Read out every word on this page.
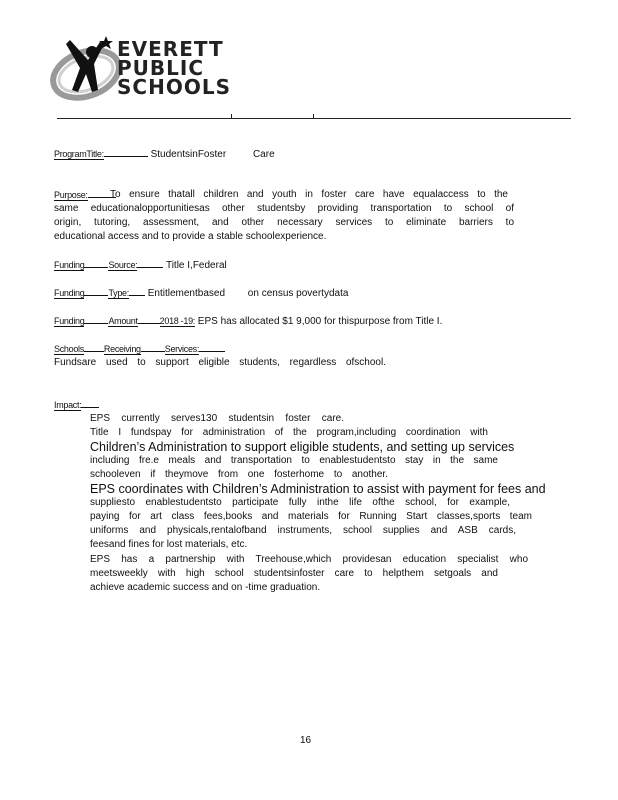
EVERETT
PUBLIC
SCHOOLS
ProgramTitle:	StudentsinFoster	Care
Purpose:	To ensure thatall children and youth in foster care have equalaccess to the
same educationalopportunitiesas other studentsby providing transportation to school of
origin, tutoring, assessment, and other necessary services to eliminate barriers to
educational access and to provide a stable schoolexperience.
Funding	Source:	Title I,Federal
Funding	Type: Entitlementbased on census povertydata
Funding	Amount 2018 -19: EPS has allocated $1 9,000 for thispurpose from Title I.
Schools Receiving	Services:
Fundsare used to support eligible students, regardless ofschool.
Impact:
EPS currently serves130 studentsin foster care.
Title I fundspay for administration of the program,including coordination with
Children’s Administration to support eligible students, and setting up services
including fre.e meals and transportation to enablestudentsto stay in the same
schooleven if theymove from one fosterhome to another.
EPS coordinates with Children’s Administration to assist with payment for fees and
suppliesto enablestudentsto participate fully inthe life ofthe school, for example,
paying for art class fees,books and materials for Running Start classes,sports team
uniforms and physicals,rentalofband instruments, school supplies and ASB cards,
feesand fines for lost materials, etc.
EPS has a partnership with Treehouse,which providesan education specialist who
meetsweekly with high school studentsinfoster care to helpthem setgoals and
achieve academic success and on -time graduation.
16
